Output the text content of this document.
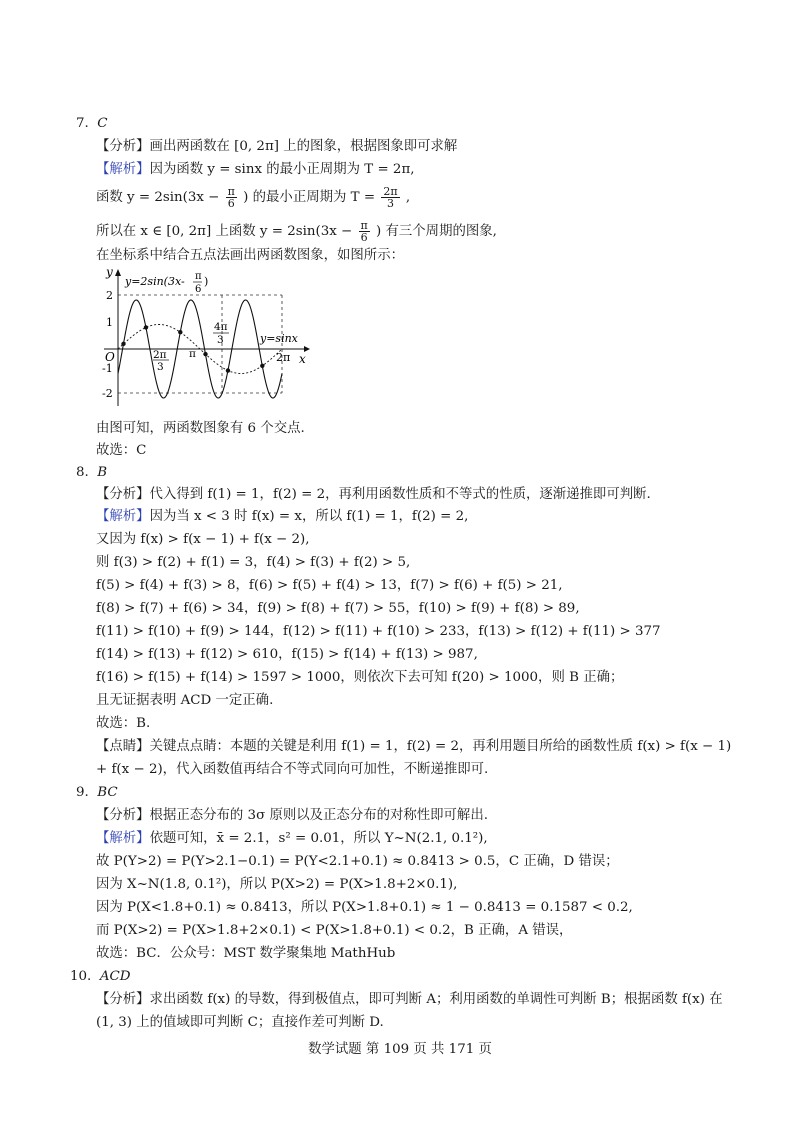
7. C
【分析】画出两函数在 [0, 2π] 上的图象，根据图象即可求解
【解析】因为函数 y = sinx 的最小正周期为 T = 2π,
函数 $y = 2\sin(3x - \frac{\pi}{6}$ ) 的最小正周期为 $T = \frac{2\pi}{3}$ ,
所以在 x ∈ [0, 2π] 上函数 $y = 2\sin(3x - \frac{\pi}{6}$ ) 有三个周期的图象,
在坐标系中结合五点法画出两函数图象，如图所示：
y
x
O
2
1
-1
-2
2π
3
π
4π
3
2π
y=sinx
y=2sin(3x- π
6
)
由图可知，两函数图象有 6 个交点.
故选：C
8. B
【分析】代入得到 f(1) = 1，f(2) = 2，再利用函数性质和不等式的性质，逐渐递推即可判断.
【解析】因为当 x < 3 时 f(x) = x，所以 f(1) = 1，f(2) = 2,
又因为 f(x) > f(x − 1) + f(x − 2),
则 f(3) > f(2) + f(1) = 3，f(4) > f(3) + f(2) > 5,
f(5) > f(4) + f(3) > 8，f(6) > f(5) + f(4) > 13，f(7) > f(6) + f(5) > 21,
f(8) > f(7) + f(6) > 34，f(9) > f(8) + f(7) > 55，f(10) > f(9) + f(8) > 89,
f(11) > f(10) + f(9) > 144，f(12) > f(11) + f(10) > 233，f(13) > f(12) + f(11) > 377
f(14) > f(13) + f(12) > 610，f(15) > f(14) + f(13) > 987,
f(16) > f(15) + f(14) > 1597 > 1000，则依次下去可知 f(20) > 1000，则 B 正确；
且无证据表明 ACD 一定正确.
故选：B.
【点睛】关键点点睛：本题的关键是利用 f(1) = 1，f(2) = 2，再利用题目所给的函数性质 f(x) > f(x − 1)
+ f(x − 2)，代入函数值再结合不等式同向可加性，不断递推即可.
9. BC
【分析】根据正态分布的 3σ 原则以及正态分布的对称性即可解出.
【解析】依题可知，x̄ = 2.1，s² = 0.01，所以 Y~N(2.1, 0.1²),
故 P(Y>2) = P(Y>2.1−0.1) = P(Y<2.1+0.1) ≈ 0.8413 > 0.5，C 正确，D 错误；
因为 X~N(1.8, 0.1²)，所以 P(X>2) = P(X>1.8+2×0.1),
因为 P(X<1.8+0.1) ≈ 0.8413，所以 P(X>1.8+0.1) ≈ 1 − 0.8413 = 0.1587 < 0.2,
而 P(X>2) = P(X>1.8+2×0.1) < P(X>1.8+0.1) < 0.2，B 正确，A 错误，
故选：BC．公众号：MST 数学聚集地 MathHub
10. ACD
【分析】求出函数 f(x) 的导数，得到极值点，即可判断 A；利用函数的单调性可判断 B；根据函数 f(x) 在
(1, 3) 上的值域即可判断 C；直接作差可判断 D.
数学试题 第 109 页 共 171 页
